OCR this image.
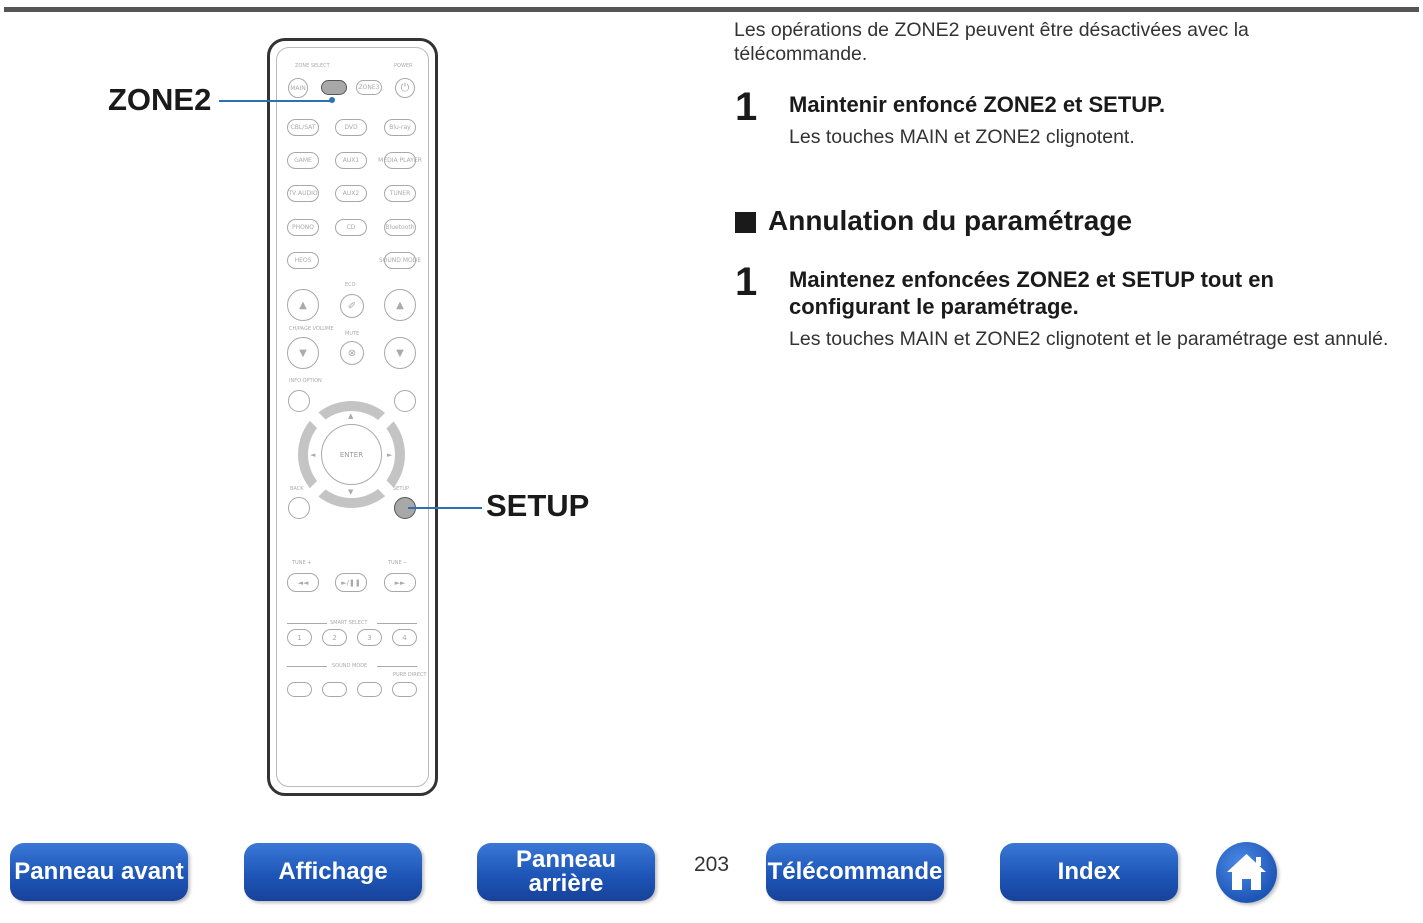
ZONE SELECT	POWER
MAIN	ZONE2	ZONE3 ⏻
CBL/SAT	DVD	Blu-ray
GAME	AUX1	MEDIA PLAYER
TV AUDIO	AUX2	TUNER
PHONO	CD	Bluetooth
HEOS	SOUND MODE
ECO
▲	✐	▲
CH/PAGE VOLUME
MUTE
▼	⊗	▼
INFO OPTION
▲
▼
◄	►
ENTER
BACK	SETUP
TUNE +	TUNE −
◄◄	►/❚❚	►►
SMART SELECT
1	2	3	4
SOUND MODE
PURE DIRECT
ZONE2
SETUP
Les opérations de ZONE2 peuvent être désactivées avec la télécommande.
1 Maintenir enfoncé ZONE2 et SETUP.
Les touches MAIN et ZONE2 clignotent.
Annulation du paramétrage
1 Maintenez enfoncées ZONE2 et SETUP tout en configurant le paramétrage.
Les touches MAIN et ZONE2 clignotent et le paramétrage est annulé.
Panneau avant	Affichage	Panneau
arrière
203 Télécommande	Index
